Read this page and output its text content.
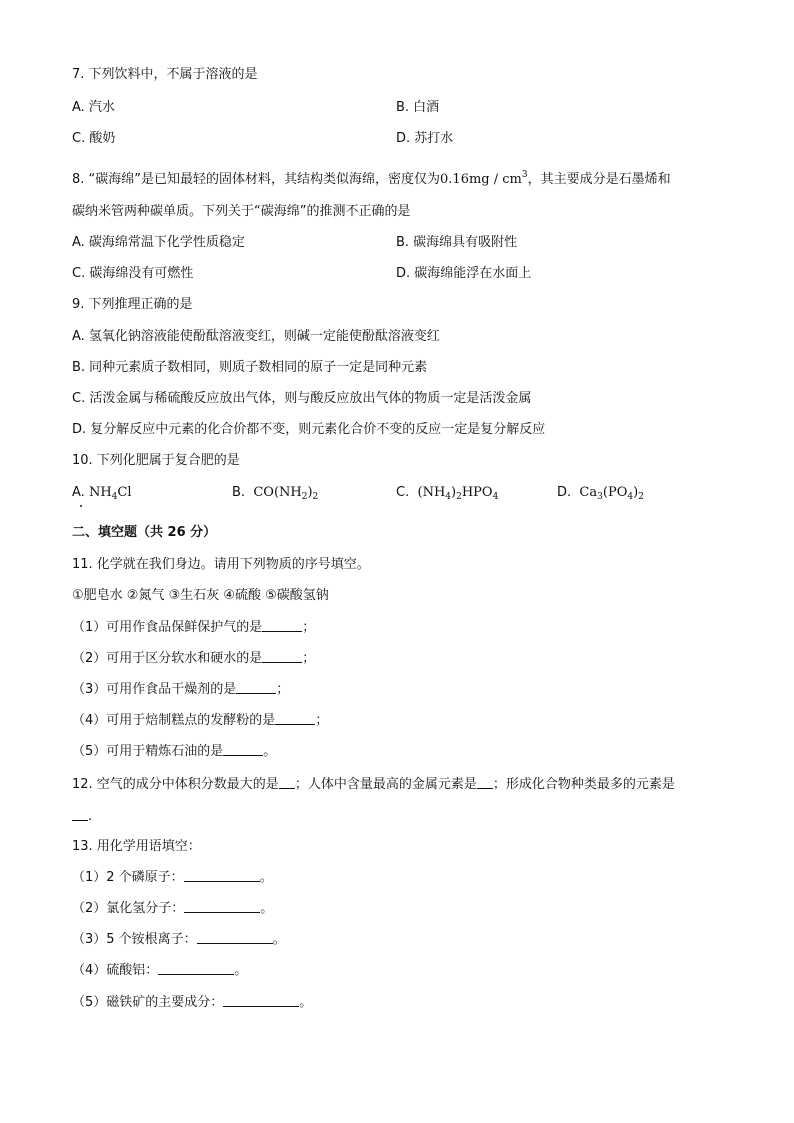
7. 下列饮料中，不属于溶液的是
A. 汽水	B. 白酒
C. 酸奶	D. 苏打水
8. “碳海绵”是已知最轻的固体材料，其结构类似海绵，密度仅为$0.16mg / cm^3$，其主要成分是石墨烯和
碳纳米管两种碳单质。下列关于“碳海绵”的推测不正确的是
A. 碳海绵常温下化学性质稳定	B. 碳海绵具有吸附性
C. 碳海绵没有可燃性	D. 碳海绵能浮在水面上
9. 下列推理正确的是
A. 氢氧化钠溶液能使酚酞溶液变红，则碱一定能使酚酞溶液变红
B. 同种元素质子数相同，则质子数相同的原子一定是同种元素
C. 活泼金属与稀硫酸反应放出气体，则与酸反应放出气体的物质一定是活泼金属
D. 复分解反应中元素的化合价都不变，则元素化合价不变的反应一定是复分解反应
10. 下列化肥属于复合肥的是
A. $NH_4Cl$	B.  $CO(NH_2)_2$	C.  $(NH_4)_2HPO_4$	D.  $Ca_3(PO_4)_2$
二、填空题（共 26 分）
11. 化学就在我们身边。请用下列物质的序号填空。
①肥皂水 ②氮气 ③生石灰 ④硫酸 ⑤碳酸氢钠
（1）可用作食品保鲜保护气的是	；
（2）可用于区分软水和硬水的是	；
（3）可用作食品干燥剂的是	；
（4）可用于焙制糕点的发酵粉的是	；
（5）可用于精炼石油的是	。
12. 空气的成分中体积分数最大的是 ；人体中含量最高的金属元素是 ；形成化合物种类最多的元素是
.
13. 用化学用语填空：
（1）2 个磷原子：	。
（2）氯化氢分子：	。
（3）5 个铵根离子：	。
（4）硫酸铝：	。
（5）磁铁矿的主要成分：	。
